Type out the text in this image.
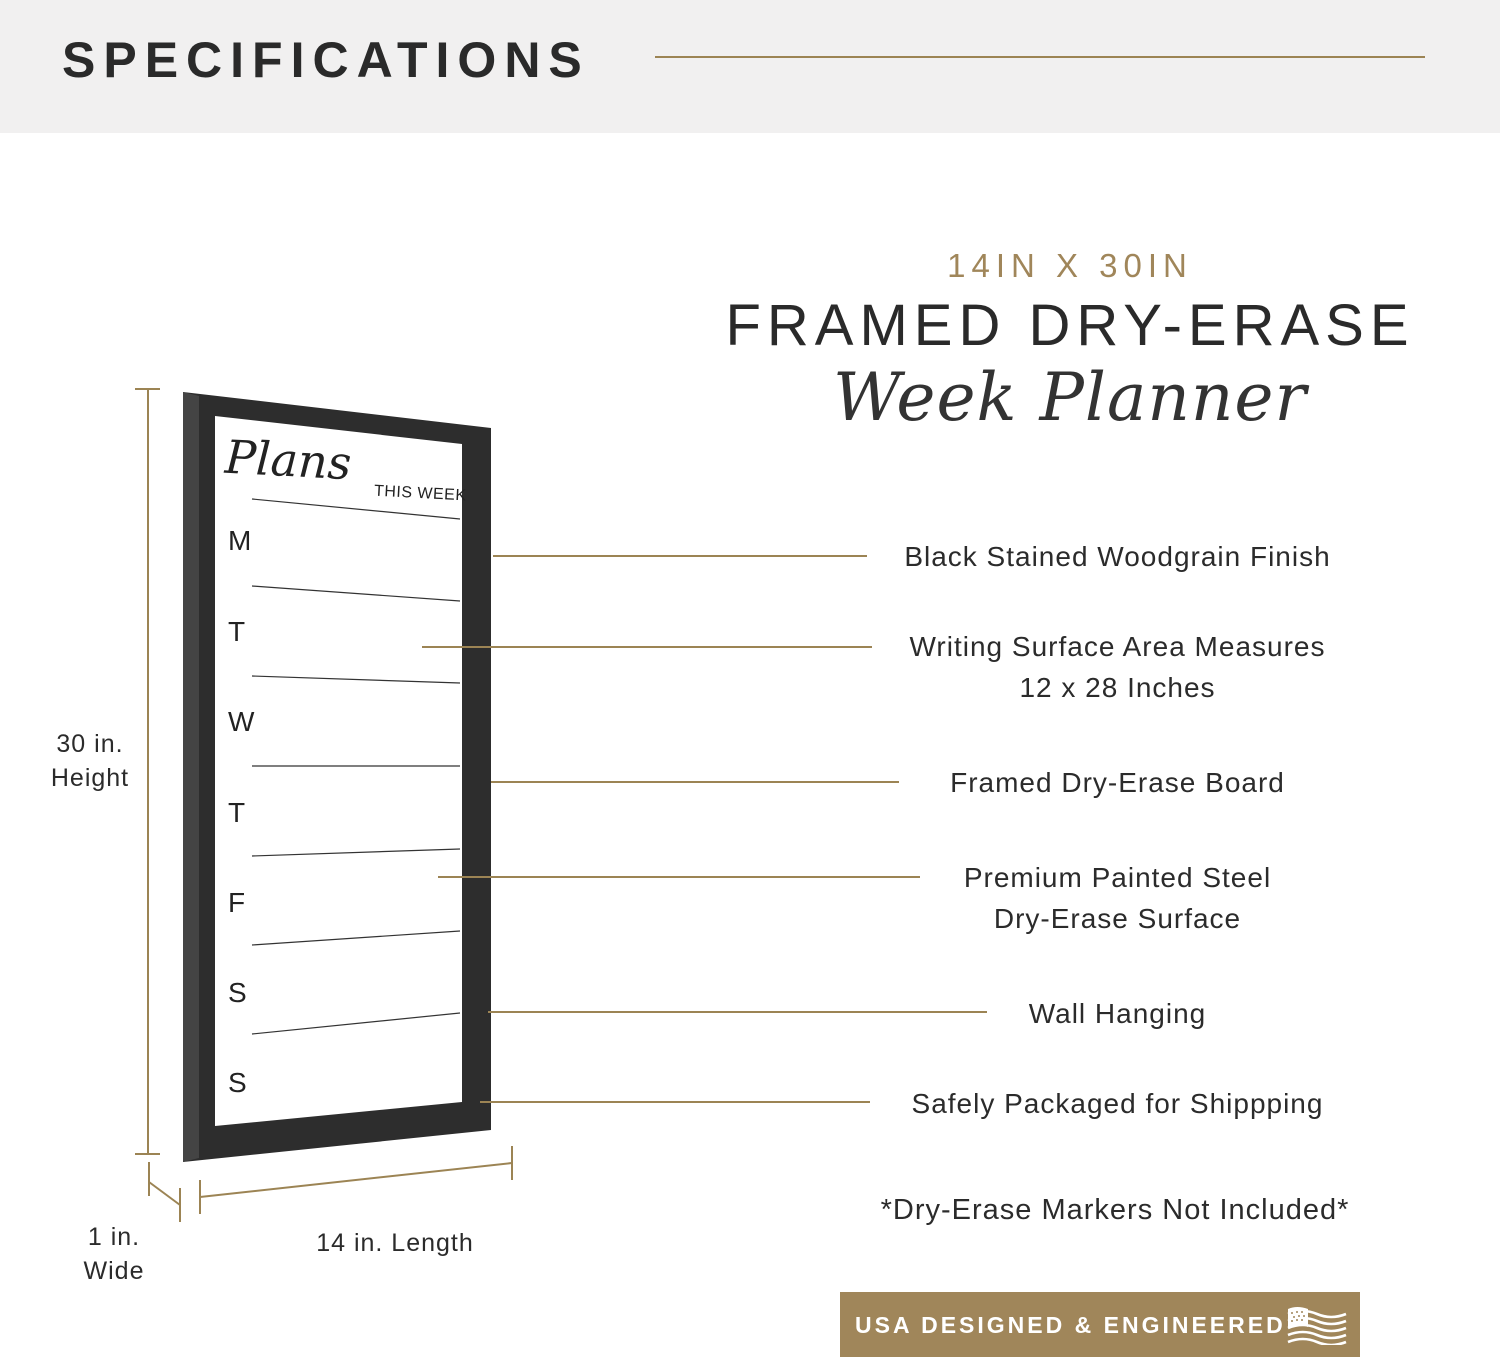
SPECIFICATIONS
14IN X 30IN
FRAMED DRY-ERASE
Week Planner
Plans
THIS WEEK
M
T
W
T
F
S
S
30 in.
Height
1 in.
Wide
14 in. Length
Black Stained Woodgrain Finish
Writing Surface Area Measures
12 x 28 Inches
Framed Dry-Erase Board
Premium Painted Steel
Dry-Erase Surface
Wall Hanging
Safely Packaged for Shippping
*Dry-Erase Markers Not Included*
USA DESIGNED & ENGINEERED
